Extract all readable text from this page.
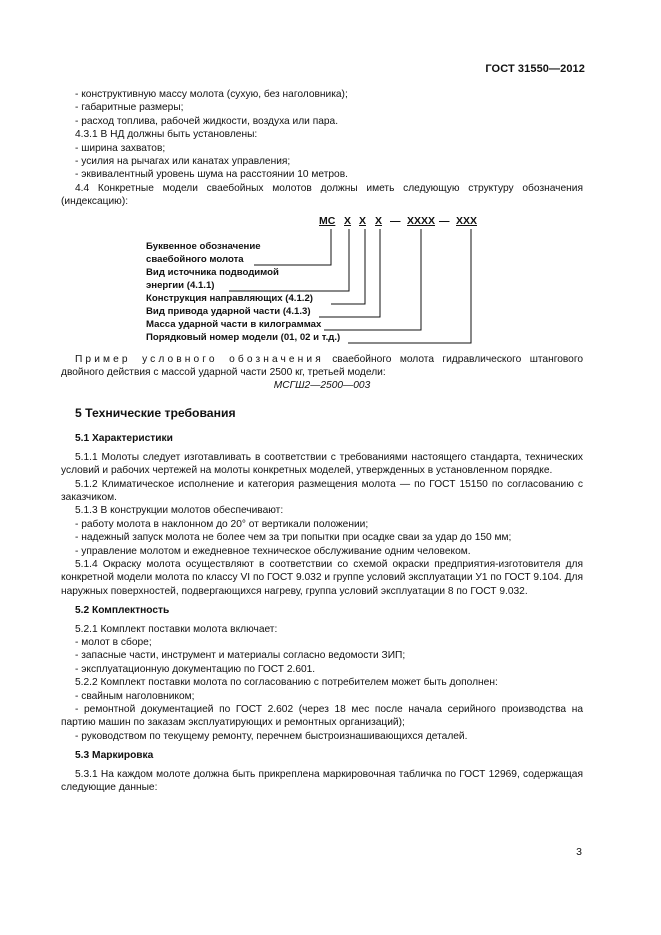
ГОСТ 31550—2012

- конструктивную массу молота (сухую, без наголовника);

- габаритные размеры;

- расход топлива, рабочей жидкости, воздуха или пара.

4.3.1 В НД должны быть установлены:

- ширина захватов;

- усилия на рычагах или канатах управления;

- эквивалентный уровень шума на расстоянии 10 метров.

4.4 Конкретные модели сваебойных молотов должны иметь следующую структуру обозначения (индексацию):

МС Х Х Х — ХХХХ — ХХХ
Буквенное обозначение
сваебойного молота
Вид источника подводимой
энергии (4.1.1)
Конструкция направляющих (4.1.2)
Вид привода ударной части (4.1.3)
Масса ударной части в килограммах
Порядковый номер модели (01, 02 и т.д.)

Пример условного обозначения сваебойного молота гидравлического штангового двойного действия с массой ударной части 2500 кг, третьей модели:

МСГШ2—2500—003

5 Технические требования

5.1 Характеристики

5.1.1 Молоты следует изготавливать в соответствии с требованиями настоящего стандарта, технических условий и рабочих чертежей на молоты конкретных моделей, утвержденных в установленном порядке.

5.1.2 Климатическое исполнение и категория размещения молота — по ГОСТ 15150 по согласованию с заказчиком.

5.1.3 В конструкции молотов обеспечивают:

- работу молота в наклонном до 20° от вертикали положении;

- надежный запуск молота не более чем за три попытки при осадке сваи за удар до 150 мм;

- управление молотом и ежедневное техническое обслуживание одним человеком.

5.1.4 Окраску молота осуществляют в соответствии со схемой окраски предприятия-изготовителя для конкретной модели молота по классу VI по ГОСТ 9.032 и группе условий эксплуатации У1 по ГОСТ 9.104. Для наружных поверхностей, подвергающихся нагреву, группа условий эксплуатации 8 по ГОСТ 9.032.

5.2 Комплектность

5.2.1 Комплект поставки молота включает:

- молот в сборе;

- запасные части, инструмент и материалы согласно ведомости ЗИП;

- эксплуатационную документацию по ГОСТ 2.601.

5.2.2 Комплект поставки молота по согласованию с потребителем может быть дополнен:

- свайным наголовником;

- ремонтной документацией по ГОСТ 2.602 (через 18 мес после начала серийного производства на партию машин по заказам эксплуатирующих и ремонтных организаций);

- руководством по текущему ремонту, перечнем быстроизнашивающихся деталей.

5.3 Маркировка

5.3.1 На каждом молоте должна быть прикреплена маркировочная табличка по ГОСТ 12969, содержащая следующие данные:

3
